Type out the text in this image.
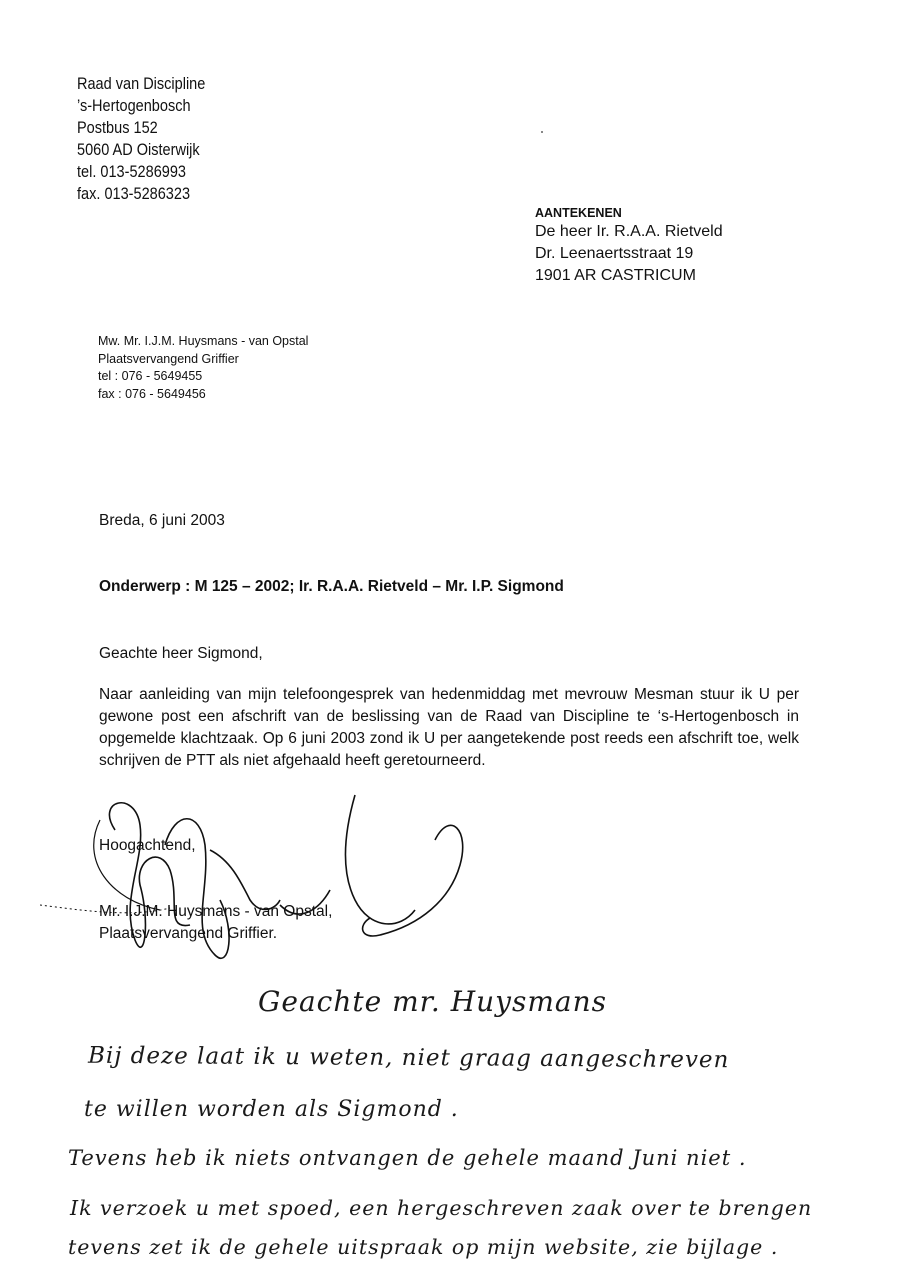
Raad van Discipline
’s-Hertogenbosch
Postbus 152
5060 AD Oisterwijk
tel. 013-5286993
fax. 013-5286323
AANTEKENEN
De heer Ir. R.A.A. Rietveld
Dr. Leenaertsstraat 19
1901 AR CASTRICUM
Mw. Mr. I.J.M. Huysmans - van Opstal
Plaatsvervangend Griffier
tel : 076 - 5649455
fax : 076 - 5649456
Breda, 6 juni 2003
Onderwerp : M 125 – 2002; Ir. R.A.A. Rietveld – Mr. I.P. Sigmond
Geachte heer Sigmond,

Naar aanleiding van mijn telefoongesprek van hedenmiddag met mevrouw Mesman stuur ik U per gewone post een afschrift van de beslissing van de Raad van Discipline te ‘s-Hertogenbosch in opgemelde klachtzaak. Op 6 juni 2003 zond ik U per aangetekende post reeds een afschrift toe, welk schrijven de PTT als niet afgehaald heeft geretourneerd.

Hoogachtend,
Mr. I.J.M. Huysmans - van Opstal,
Plaatsvervangend Griffier.
Geachte mr. Huysmans
Bij deze laat ik u weten, niet graag aangeschreven
te willen worden als Sigmond .
Tevens heb ik niets ontvangen de gehele maand Juni niet .
Ik verzoek u met spoed, een hergeschreven zaak over te brengen
tevens zet ik de gehele uitspraak op mijn website, zie bijlage .
